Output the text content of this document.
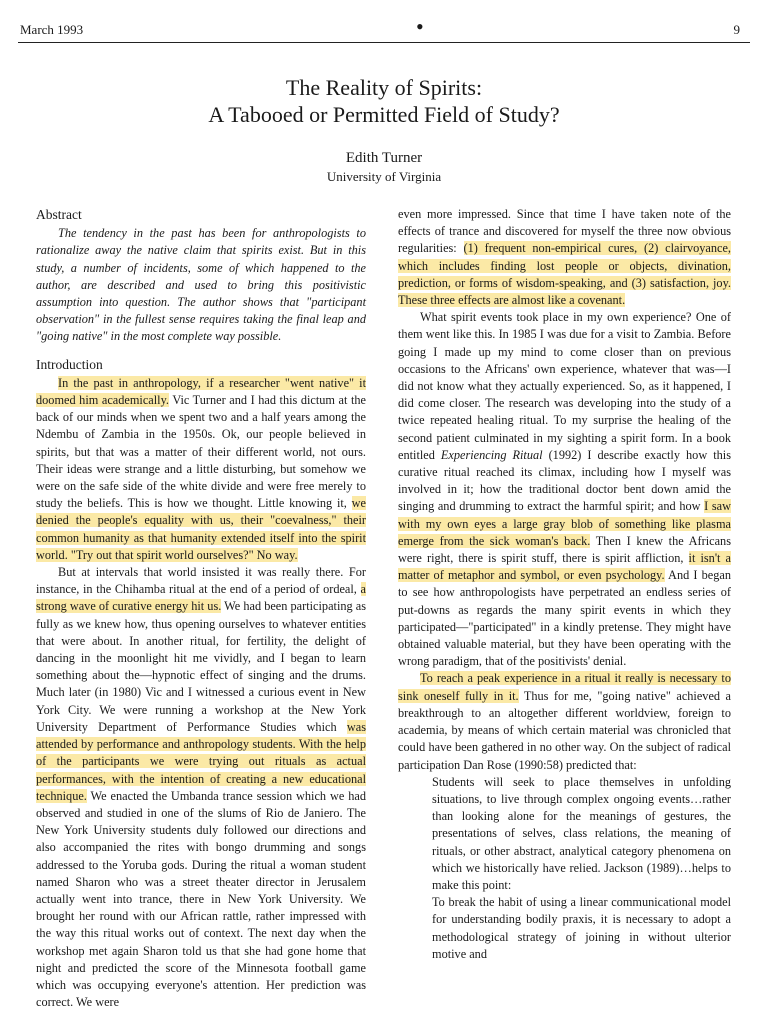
March 1993	•	9
The Reality of Spirits:
A Tabooed or Permitted Field of Study?
Edith Turner
University of Virginia
Abstract

The tendency in the past has been for anthropologists to rationalize away the native claim that spirits exist. But in this study, a number of incidents, some of which happened to the author, are described and used to bring this positivistic assumption into question. The author shows that "participant observation" in the fullest sense requires taking the final leap and "going native" in the most complete way possible.

Introduction

In the past in anthropology, if a researcher "went native" it doomed him academically. Vic Turner and I had this dictum at the back of our minds when we spent two and a half years among the Ndembu of Zambia in the 1950s. Ok, our people believed in spirits, but that was a matter of their different world, not ours. Their ideas were strange and a little disturbing, but somehow we were on the safe side of the white divide and were free merely to study the beliefs. This is how we thought. Little knowing it, we denied the people's equality with us, their "coevalness," their common humanity as that humanity extended itself into the spirit world. "Try out that spirit world ourselves?" No way.

But at intervals that world insisted it was really there. For instance, in the Chihamba ritual at the end of a period of ordeal, a strong wave of curative energy hit us. We had been participating as fully as we knew how, thus opening ourselves to whatever entities that were about. In another ritual, for fertility, the delight of dancing in the moonlight hit me vividly, and I began to learn something about the—hypnotic effect of singing and the drums. Much later (in 1980) Vic and I witnessed a curious event in New York City. We were running a workshop at the New York University Department of Performance Studies which was attended by performance and anthropology students. With the help of the participants we were trying out rituals as actual performances, with the intention of creating a new educational technique. We enacted the Umbanda trance session which we had observed and studied in one of the slums of Rio de Janiero. The New York University students duly followed our directions and also accompanied the rites with bongo drumming and songs addressed to the Yoruba gods. During the ritual a woman student named Sharon who was a street theater director in Jerusalem actually went into trance, there in New York University. We brought her round with our African rattle, rather impressed with the way this ritual works out of context. The next day when the workshop met again Sharon told us that she had gone home that night and predicted the score of the Minnesota football game which was occupying everyone's attention. Her prediction was correct. We were

even more impressed. Since that time I have taken note of the effects of trance and discovered for myself the three now obvious regularities: (1) frequent non-empirical cures, (2) clairvoyance, which includes finding lost people or objects, divination, prediction, or forms of wisdom-speaking, and (3) satisfaction, joy. These three effects are almost like a covenant.

What spirit events took place in my own experience? One of them went like this. In 1985 I was due for a visit to Zambia. Before going I made up my mind to come closer than on previous occasions to the Africans' own experience, whatever that was—I did not know what they actually experienced. So, as it happened, I did come closer. The research was developing into the study of a twice repeated healing ritual. To my surprise the healing of the second patient culminated in my sighting a spirit form. In a book entitled Experiencing Ritual (1992) I describe exactly how this curative ritual reached its climax, including how I myself was involved in it; how the traditional doctor bent down amid the singing and drumming to extract the harmful spirit; and how I saw with my own eyes a large gray blob of something like plasma emerge from the sick woman's back. Then I knew the Africans were right, there is spirit stuff, there is spirit affliction, it isn't a matter of metaphor and symbol, or even psychology. And I began to see how anthropologists have perpetrated an endless series of put-downs as regards the many spirit events in which they participated—"participated" in a kindly pretense. They might have obtained valuable material, but they have been operating with the wrong paradigm, that of the positivists' denial.

To reach a peak experience in a ritual it really is necessary to sink oneself fully in it. Thus for me, "going native" achieved a breakthrough to an altogether different worldview, foreign to academia, by means of which certain material was chronicled that could have been gathered in no other way. On the subject of radical participation Dan Rose (1990:58) predicted that:

Students will seek to place themselves in unfolding situations, to live through complex ongoing events…rather than looking alone for the meanings of gestures, the presentations of selves, class relations, the meaning of rituals, or other abstract, analytical category phenomena on which we historically have relied. Jackson (1989)…helps to make this point:

To break the habit of using a linear communicational model for understanding bodily praxis, it is necessary to adopt a methodological strategy of joining in without ulterior motive and
